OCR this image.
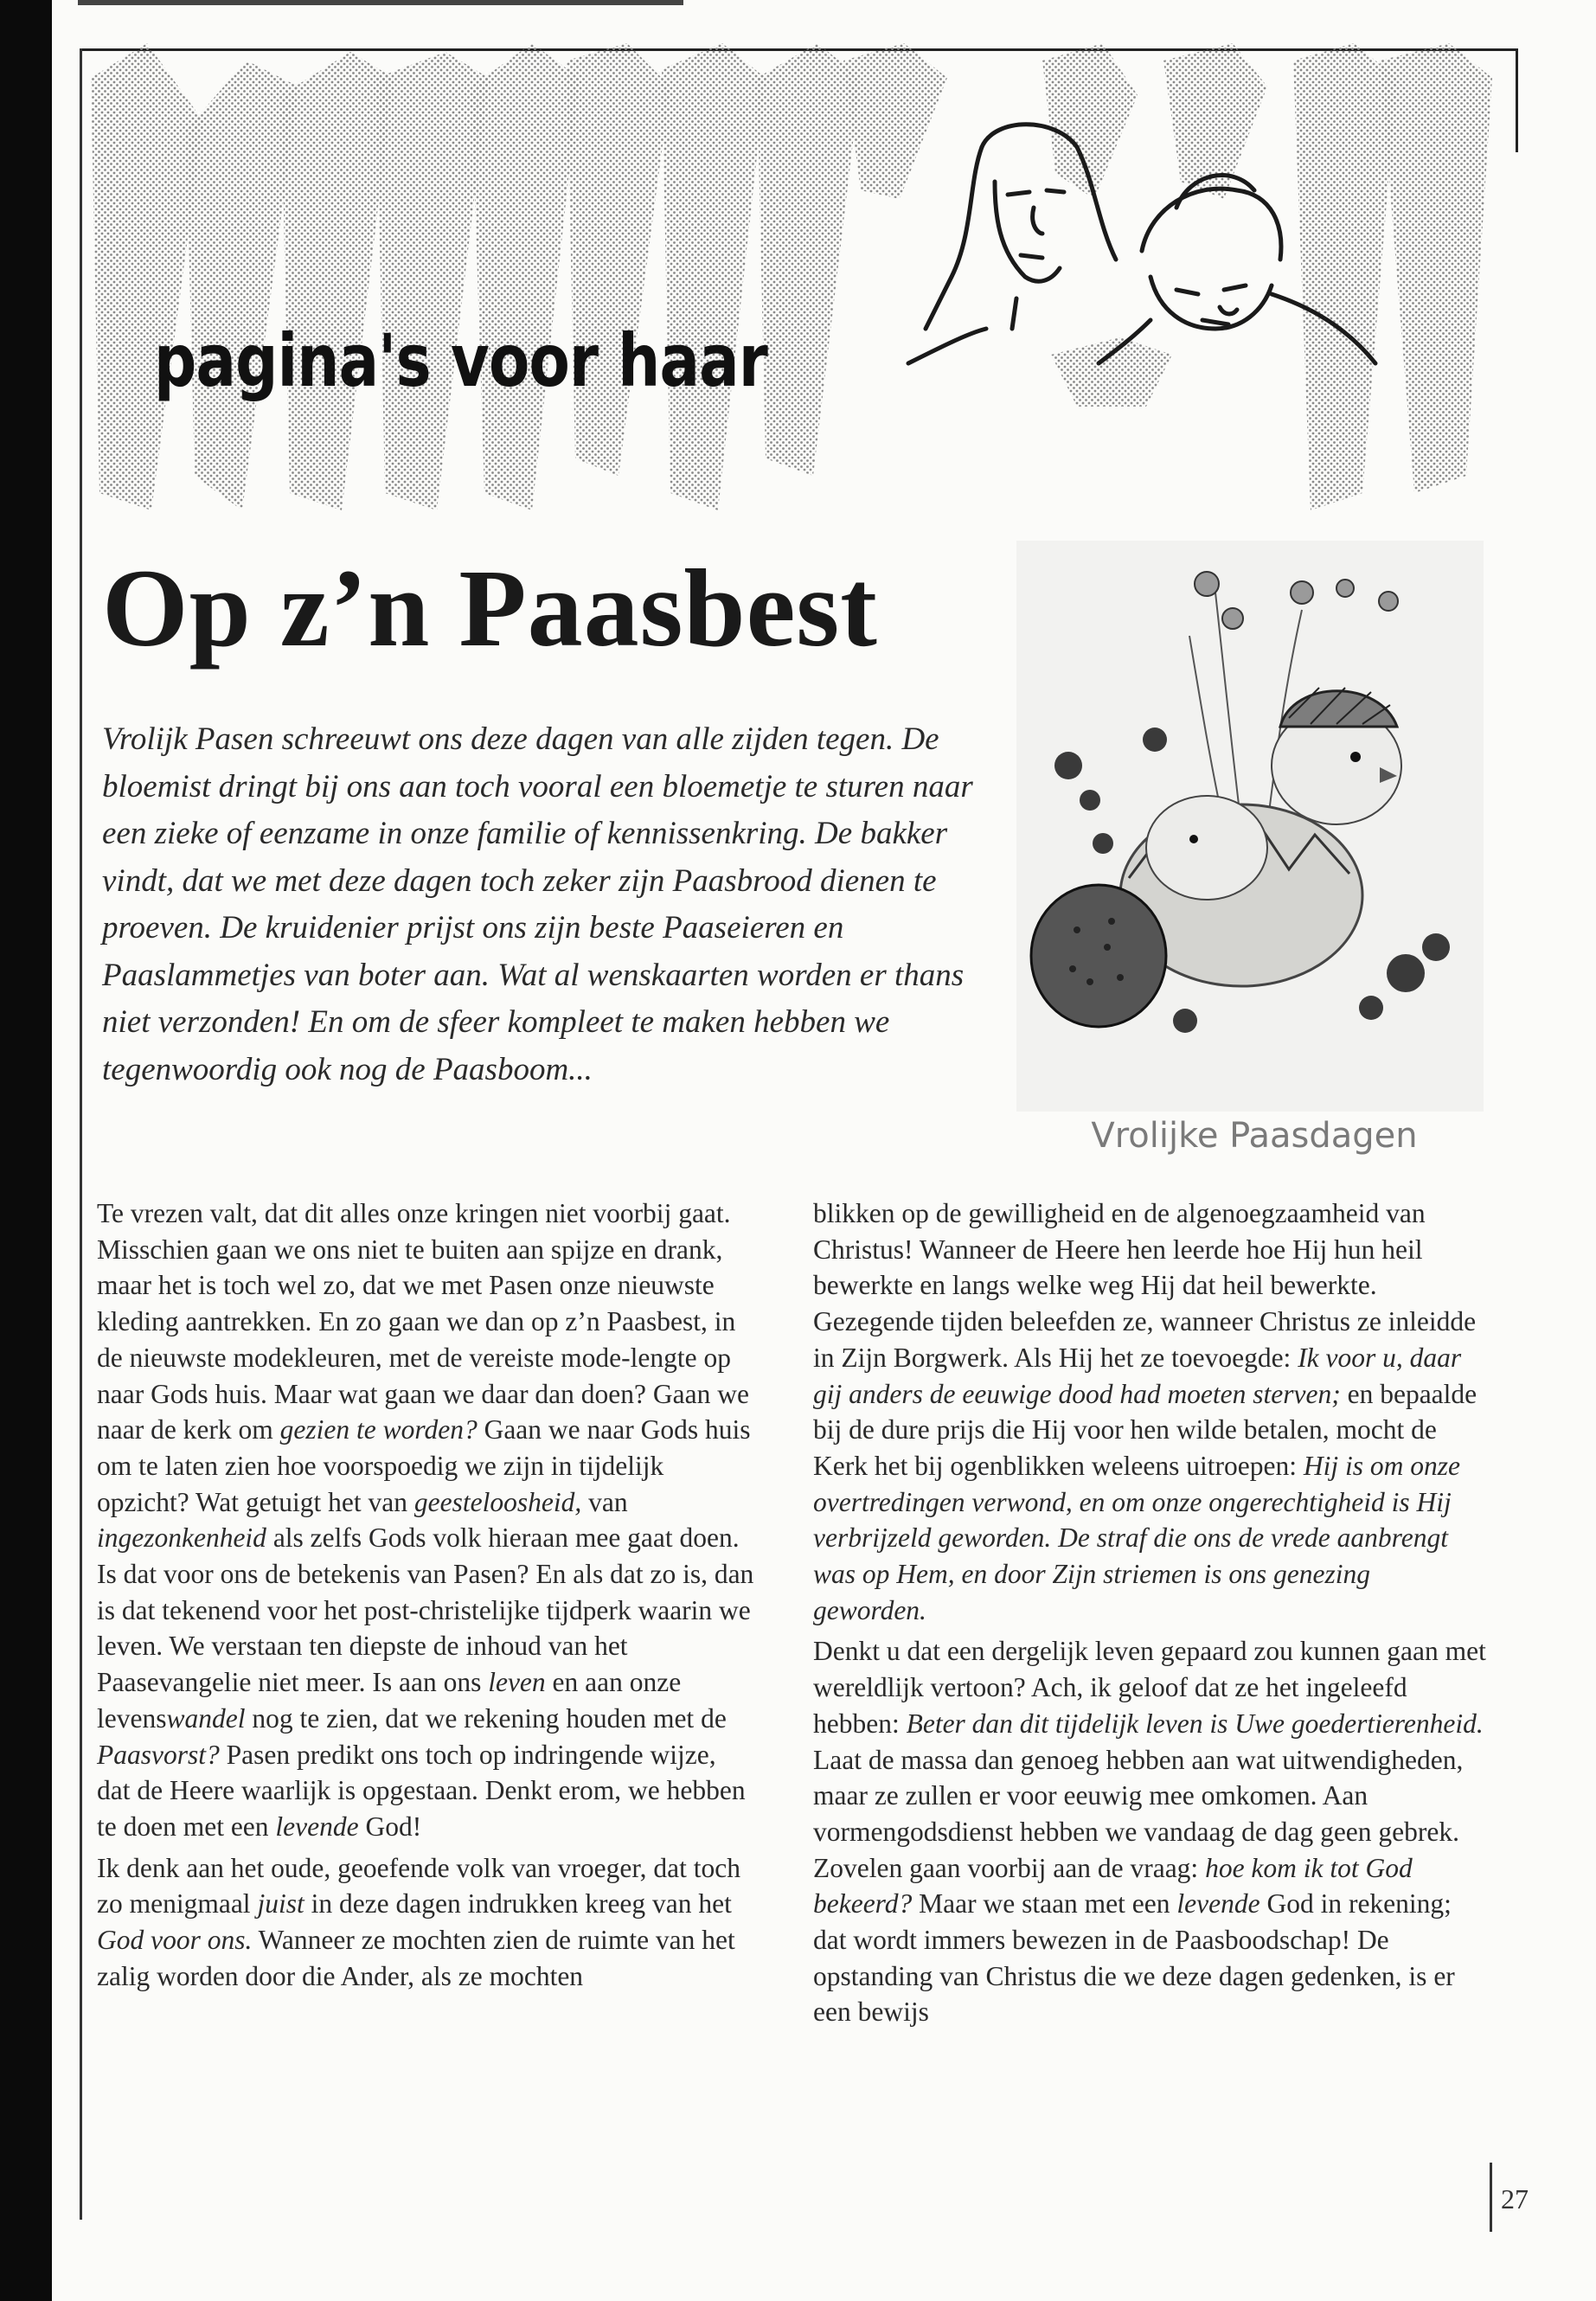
pagina's voor haar
Op z’n Paasbest

Vrolijk Pasen schreeuwt ons deze dagen van alle zijden tegen. De bloemist dringt bij ons aan toch vooral een bloemetje te sturen naar een zieke of eenzame in onze familie of kennissenkring. De bakker vindt, dat we met deze dagen toch zeker zijn Paasbrood dienen te proeven. De kruidenier prijst ons zijn beste Paaseieren en Paaslammetjes van boter aan. Wat al wenskaarten worden er thans niet verzonden! En om de sfeer kompleet te maken hebben we tegenwoordig ook nog de Paasboom...

Vrolijke Paasdagen

Te vrezen valt, dat dit alles onze kringen niet voorbij gaat. Misschien gaan we ons niet te buiten aan spijze en drank, maar het is toch wel zo, dat we met Pasen onze nieuwste kleding aantrekken. En zo gaan we dan op z’n Paasbest, in de nieuwste modekleuren, met de vereiste mode-lengte op naar Gods huis. Maar wat gaan we daar dan doen? Gaan we naar de kerk om gezien te worden? Gaan we naar Gods huis om te laten zien hoe voorspoedig we zijn in tijdelijk opzicht? Wat getuigt het van geesteloosheid, van ingezonkenheid als zelfs Gods volk hieraan mee gaat doen. Is dat voor ons de betekenis van Pasen? En als dat zo is, dan is dat tekenend voor het post-christelijke tijdperk waarin we leven. We verstaan ten diepste de inhoud van het Paasevangelie niet meer. Is aan ons leven en aan onze levenswandel nog te zien, dat we rekening houden met de Paasvorst? Pasen predikt ons toch op indringende wijze, dat de Heere waarlijk is opgestaan. Denkt erom, we hebben te doen met een levende God!

Ik denk aan het oude, geoefende volk van vroeger, dat toch zo menigmaal juist in deze dagen indrukken kreeg van het God voor ons. Wanneer ze mochten zien de ruimte van het zalig worden door die Ander, als ze mochten

blikken op de gewilligheid en de algenoegzaamheid van Christus! Wanneer de Heere hen leerde hoe Hij hun heil bewerkte en langs welke weg Hij dat heil bewerkte. Gezegende tijden beleefden ze, wanneer Christus ze inleidde in Zijn Borgwerk. Als Hij het ze toevoegde: Ik voor u, daar gij anders de eeuwige dood had moeten sterven; en bepaalde bij de dure prijs die Hij voor hen wilde betalen, mocht de Kerk het bij ogenblikken weleens uitroepen: Hij is om onze overtredingen verwond, en om onze ongerechtigheid is Hij verbrijzeld geworden. De straf die ons de vrede aanbrengt was op Hem, en door Zijn striemen is ons genezing geworden.

Denkt u dat een dergelijk leven gepaard zou kunnen gaan met wereldlijk vertoon? Ach, ik geloof dat ze het ingeleefd hebben: Beter dan dit tijdelijk leven is Uwe goedertierenheid. Laat de massa dan genoeg hebben aan wat uitwendigheden, maar ze zullen er voor eeuwig mee omkomen. Aan vormengodsdienst hebben we vandaag de dag geen gebrek. Zovelen gaan voorbij aan de vraag: hoe kom ik tot God bekeerd? Maar we staan met een levende God in rekening; dat wordt immers bewezen in de Paasboodschap! De opstanding van Christus die we deze dagen gedenken, is er een bewijs

27
